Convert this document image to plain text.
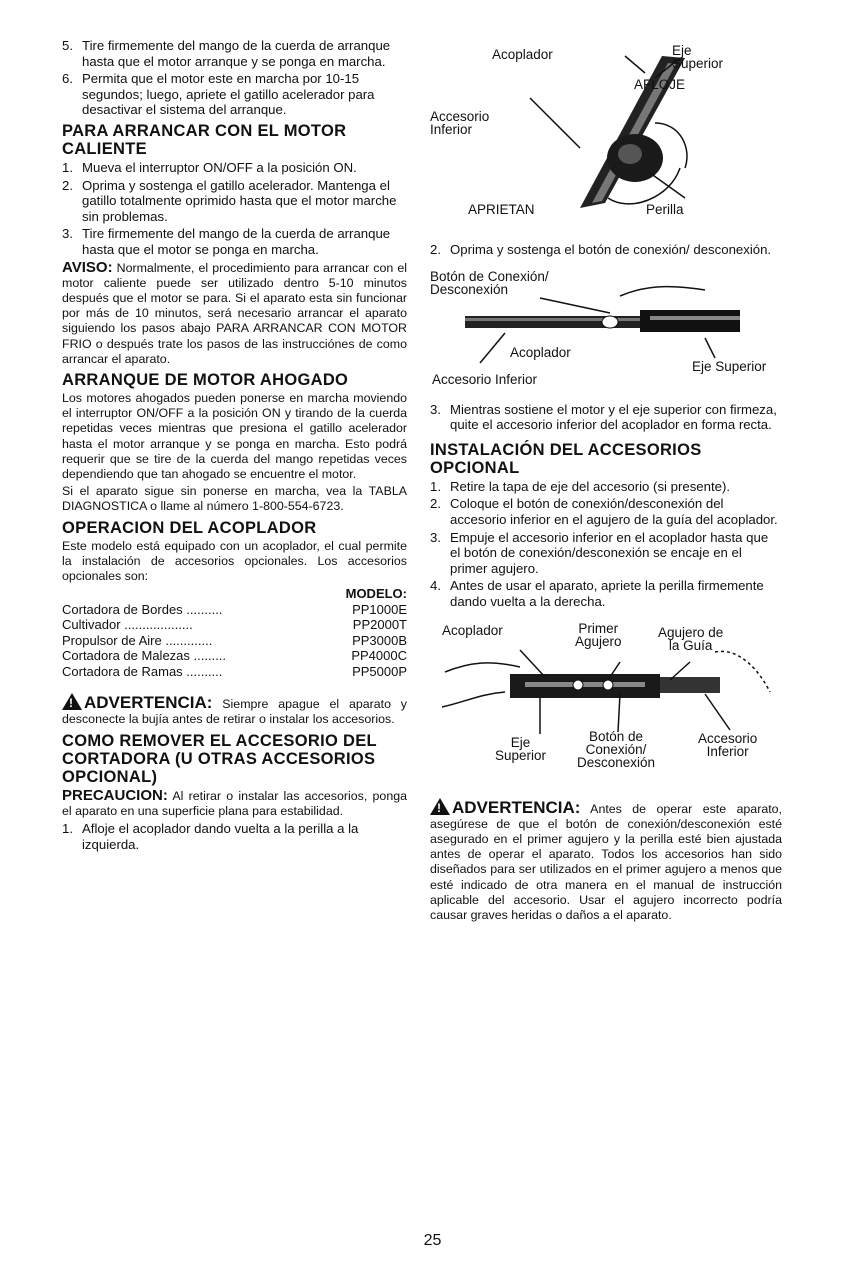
5. Tire firmemente del mango de la cuerda de arranque hasta que el motor arranque y se ponga en marcha.
6. Permita que el motor este en marcha por 10-15 segundos; luego, apriete el gatillo acelerador para desactivar el sistema del arranque.
PARA ARRANCAR CON EL MOTOR CALIENTE
1. Mueva el interruptor ON/OFF a la posición ON.
2. Oprima y sostenga el gatillo acelerador. Mantenga el gatillo totalmente oprimido hasta que el motor marche sin problemas.
3. Tire firmemente del mango de la cuerda de arranque hasta que el motor se ponga en marcha.

AVISO: Normalmente, el procedimiento para arrancar con el motor caliente puede ser utilizado dentro 5-10 minutos después que el motor se para. Si el aparato esta sin funcionar por más de 10 minutos, será necesario arrancar el aparato siguiendo los pasos abajo PARA ARRANCAR CON MOTOR FRIO o después trate los pasos de las instrucciónes de como arrancar el aparato.

ARRANQUE DE MOTOR AHOGADO

Los motores ahogados pueden ponerse en marcha moviendo el interruptor ON/OFF a la posición ON y tirando de la cuerda repetidas veces mientras que presiona el gatillo acelerador hasta el motor arranque y se ponga en marcha. Esto podrá requerir que se tire de la cuerda del mango repetidas veces dependiendo que tan ahogado se encuentre el motor.

Si el aparato sigue sin ponerse en marcha, vea la TABLA DIAGNOSTICA o llame al número 1-800-554-6723.

OPERACION DEL ACOPLADOR

Este modelo está equipado con un acoplador, el cual permite la instalación de accesorios opcionales. Los accesorios opcionales son:

MODELO:
Cortadora de Bordes ..........	PP1000E
Cultivador ...................	PP2000T
Propulsor de Aire .............	PP3000B
Cortadora de Malezas .........	PP4000C
Cortadora de Ramas ..........	PP5000P

! ADVERTENCIA: Siempre apague el aparato y desconecte la bujía antes de retirar o instalar los accesorios.

COMO REMOVER EL ACCESORIO DEL CORTADORA (U OTRAS ACCESORIOS OPCIONAL)

PRECAUCION: Al retirar o instalar las accesorios, ponga el aparato en una superficie plana para estabilidad.

1. Afloje el acoplador dando vuelta a la perilla a la izquierda.
Acoplador	Eje
Superior
AFLOJE
Accesorio
Inferior
APRIETAN	Perilla
2. Oprima y sostenga el botón de conexión/ desconexión.
Botón de Conexión/
Desconexión
Acoplador
Eje Superior
Accesorio Inferior
3. Mientras sostiene el motor y el eje superior con firmeza, quite el accesorio inferior del acoplador en forma recta.
INSTALACIÓN DEL ACCESORIOS OPCIONAL
1. Retire la tapa de eje del accesorio (si presente).
2. Coloque el botón de conexión/desconexión del accesorio inferior en el agujero de la guía del acoplador.
3. Empuje el accesorio inferior en el acoplador hasta que el botón de conexión/desconexión se encaje en el primer agujero.
4. Antes de usar el aparato, apriete la perilla firmemente dando vuelta a la derecha.
Acoplador	Primer
Agujero
Agujero de
la Guía
Eje
Superior
Botón de
Conexión/
Desconexión
Accesorio
Inferior

! ADVERTENCIA: Antes de operar este aparato, asegúrese de que el botón de conexión/desconexión esté asegurado en el primer agujero y la perilla esté bien ajustada antes de operar el aparato. Todos los accesorios han sido diseñados para ser utilizados en el primer agujero a menos que esté indicado de otra manera en el manual de instrucción aplicable del accesorio. Usar el agujero incorrecto podría causar graves heridas o daños a el aparato.

25
